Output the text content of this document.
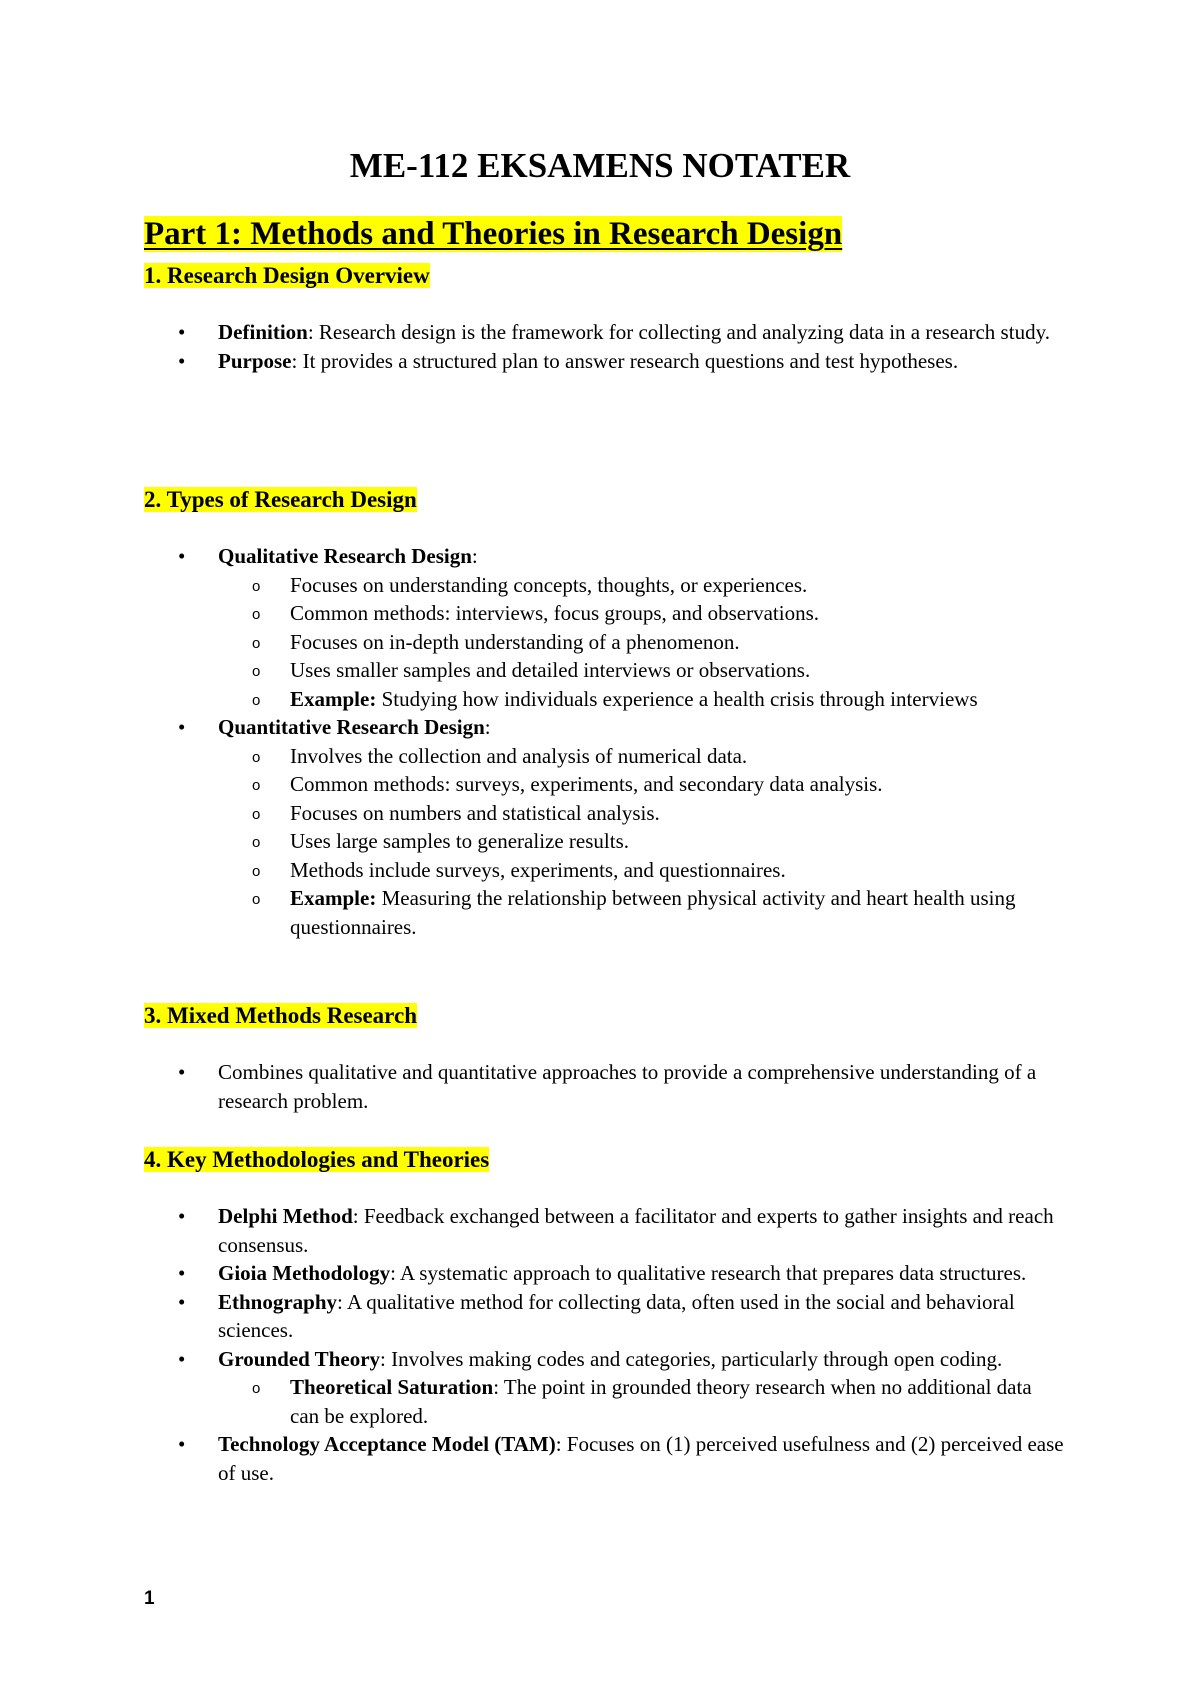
ME-112 EKSAMENS NOTATER
Part 1: Methods and Theories in Research Design
1. Research Design Overview
• Definition: Research design is the framework for collecting and analyzing data in a research study.
• Purpose: It provides a structured plan to answer research questions and test hypotheses.
2. Types of Research Design
• Qualitative Research Design:
o Focuses on understanding concepts, thoughts, or experiences.
o Common methods: interviews, focus groups, and observations.
o Focuses on in-depth understanding of a phenomenon.
o Uses smaller samples and detailed interviews or observations.
o Example: Studying how individuals experience a health crisis through interviews
• Quantitative Research Design:
o Involves the collection and analysis of numerical data.
o Common methods: surveys, experiments, and secondary data analysis.
o Focuses on numbers and statistical analysis.
o Uses large samples to generalize results.
o Methods include surveys, experiments, and questionnaires.
o Example: Measuring the relationship between physical activity and heart health using questionnaires.
3. Mixed Methods Research
• Combines qualitative and quantitative approaches to provide a comprehensive understanding of a research problem.
4. Key Methodologies and Theories
• Delphi Method: Feedback exchanged between a facilitator and experts to gather insights and reach consensus.
• Gioia Methodology: A systematic approach to qualitative research that prepares data structures.
• Ethnography: A qualitative method for collecting data, often used in the social and behavioral sciences.
• Grounded Theory: Involves making codes and categories, particularly through open coding.
o Theoretical Saturation: The point in grounded theory research when no additional data can be explored.
• Technology Acceptance Model (TAM): Focuses on (1) perceived usefulness and (2) perceived ease of use.

1
